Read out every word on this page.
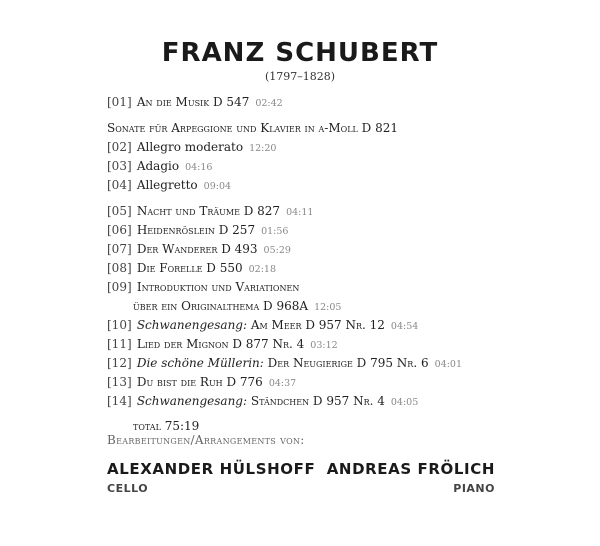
FRANZ SCHUBERT
(1797–1828)
[01] An die Musik D 547 02:42
Sonate für Arpeggione und Klavier in a-Moll D 821
[02] Allegro moderato 12:20
[03] Adagio 04:16
[04] Allegretto 09:04
[05] Nacht und Träume D 827 04:11
[06] Heidenröslein D 257 01:56
[07] Der Wanderer D 493 05:29
[08] Die Forelle D 550 02:18
[09] Introduktion und Variationen
über ein Originalthema D 968A 12:05
[10] Schwanengesang: Am Meer D 957 Nr. 12 04:54
[11] Lied der Mignon D 877 Nr. 4 03:12
[12] Die schöne Müllerin: Der Neugierige D 795 Nr. 6 04:01
[13] Du bist die Ruh D 776 04:37
[14] Schwanengesang: Ständchen D 957 Nr. 4 04:05
total 75:19
Bearbeitungen/Arrangements von:
ALEXANDER HÜLSHOFF
CELLO
ANDREAS FRÖLICH
PIANO
